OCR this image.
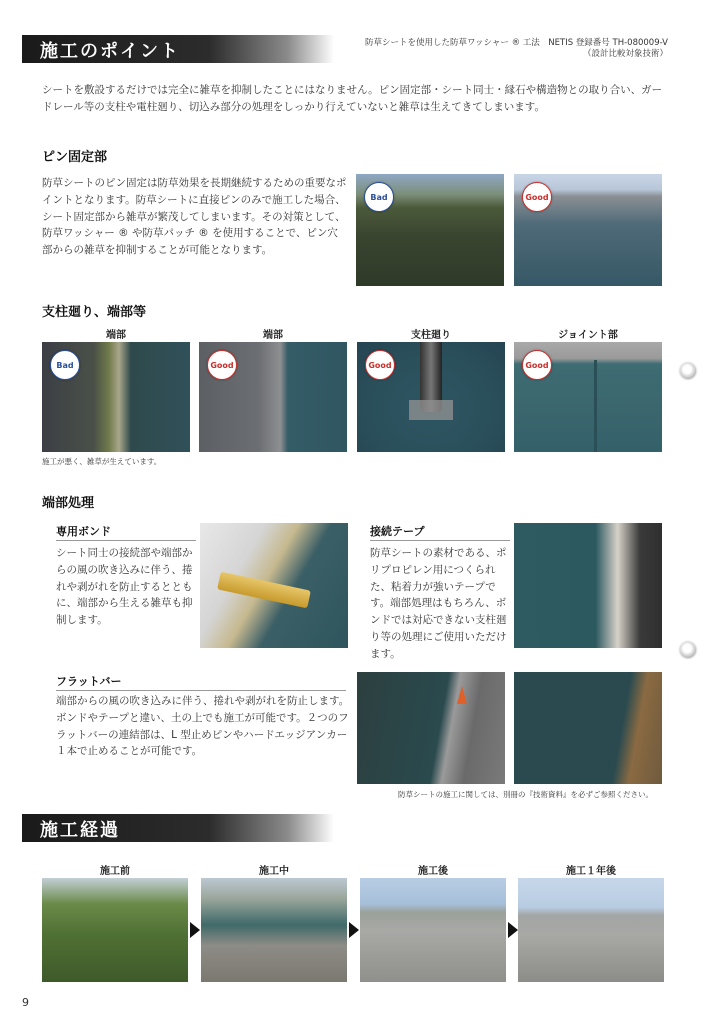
施工のポイント	防草シートを使用した防草ワッシャー ® 工法　NETIS 登録番号 TH-080009-V
（設計比較対象技術）
シートを敷設するだけでは完全に雑草を抑制したことにはなりません。ピン固定部・シート同士・縁石や構造物との取り合い、ガードレール等の支柱や電柱廻り、切込み部分の処理をしっかり行えていないと雑草は生えてきてしまいます。
ピン固定部
防草シートのピン固定は防草効果を長期継続するための重要なポイントとなります。防草シートに直接ピンのみで施工した場合、シート固定部から雑草が繁茂してしまいます。その対策として、防草ワッシャー ® や防草パッチ ® を使用することで、ピン穴部からの雑草を抑制することが可能となります。
Bad	Good
支柱廻り、端部等
端部	端部	支柱廻り	ジョイント部
Bad	Good	Good	Good
施工が悪く、雑草が生えています。
端部処理
専用ボンド
シート同士の接続部や端部からの風の吹き込みに伴う、捲れや剥がれを防止するとともに、端部から生える雑草も抑制します。
接続テープ
防草シートの素材である、ポリプロピレン用につくられた、粘着力が強いテープです。端部処理はもちろん、ボンドでは対応できない支柱廻り等の処理にご使用いただけます。
フラットバー
端部からの風の吹き込みに伴う、捲れや剥がれを防止します。ボンドやテープと違い、土の上でも施工が可能です。２つのフラットバーの連結部は、L 型止めピンやハードエッジアンカー１本で止めることが可能です。
防草シートの施工に関しては、別冊の『技術資料』を必ずご参照ください。
施工経過
施工前	施工中	施工後	施工１年後
9
